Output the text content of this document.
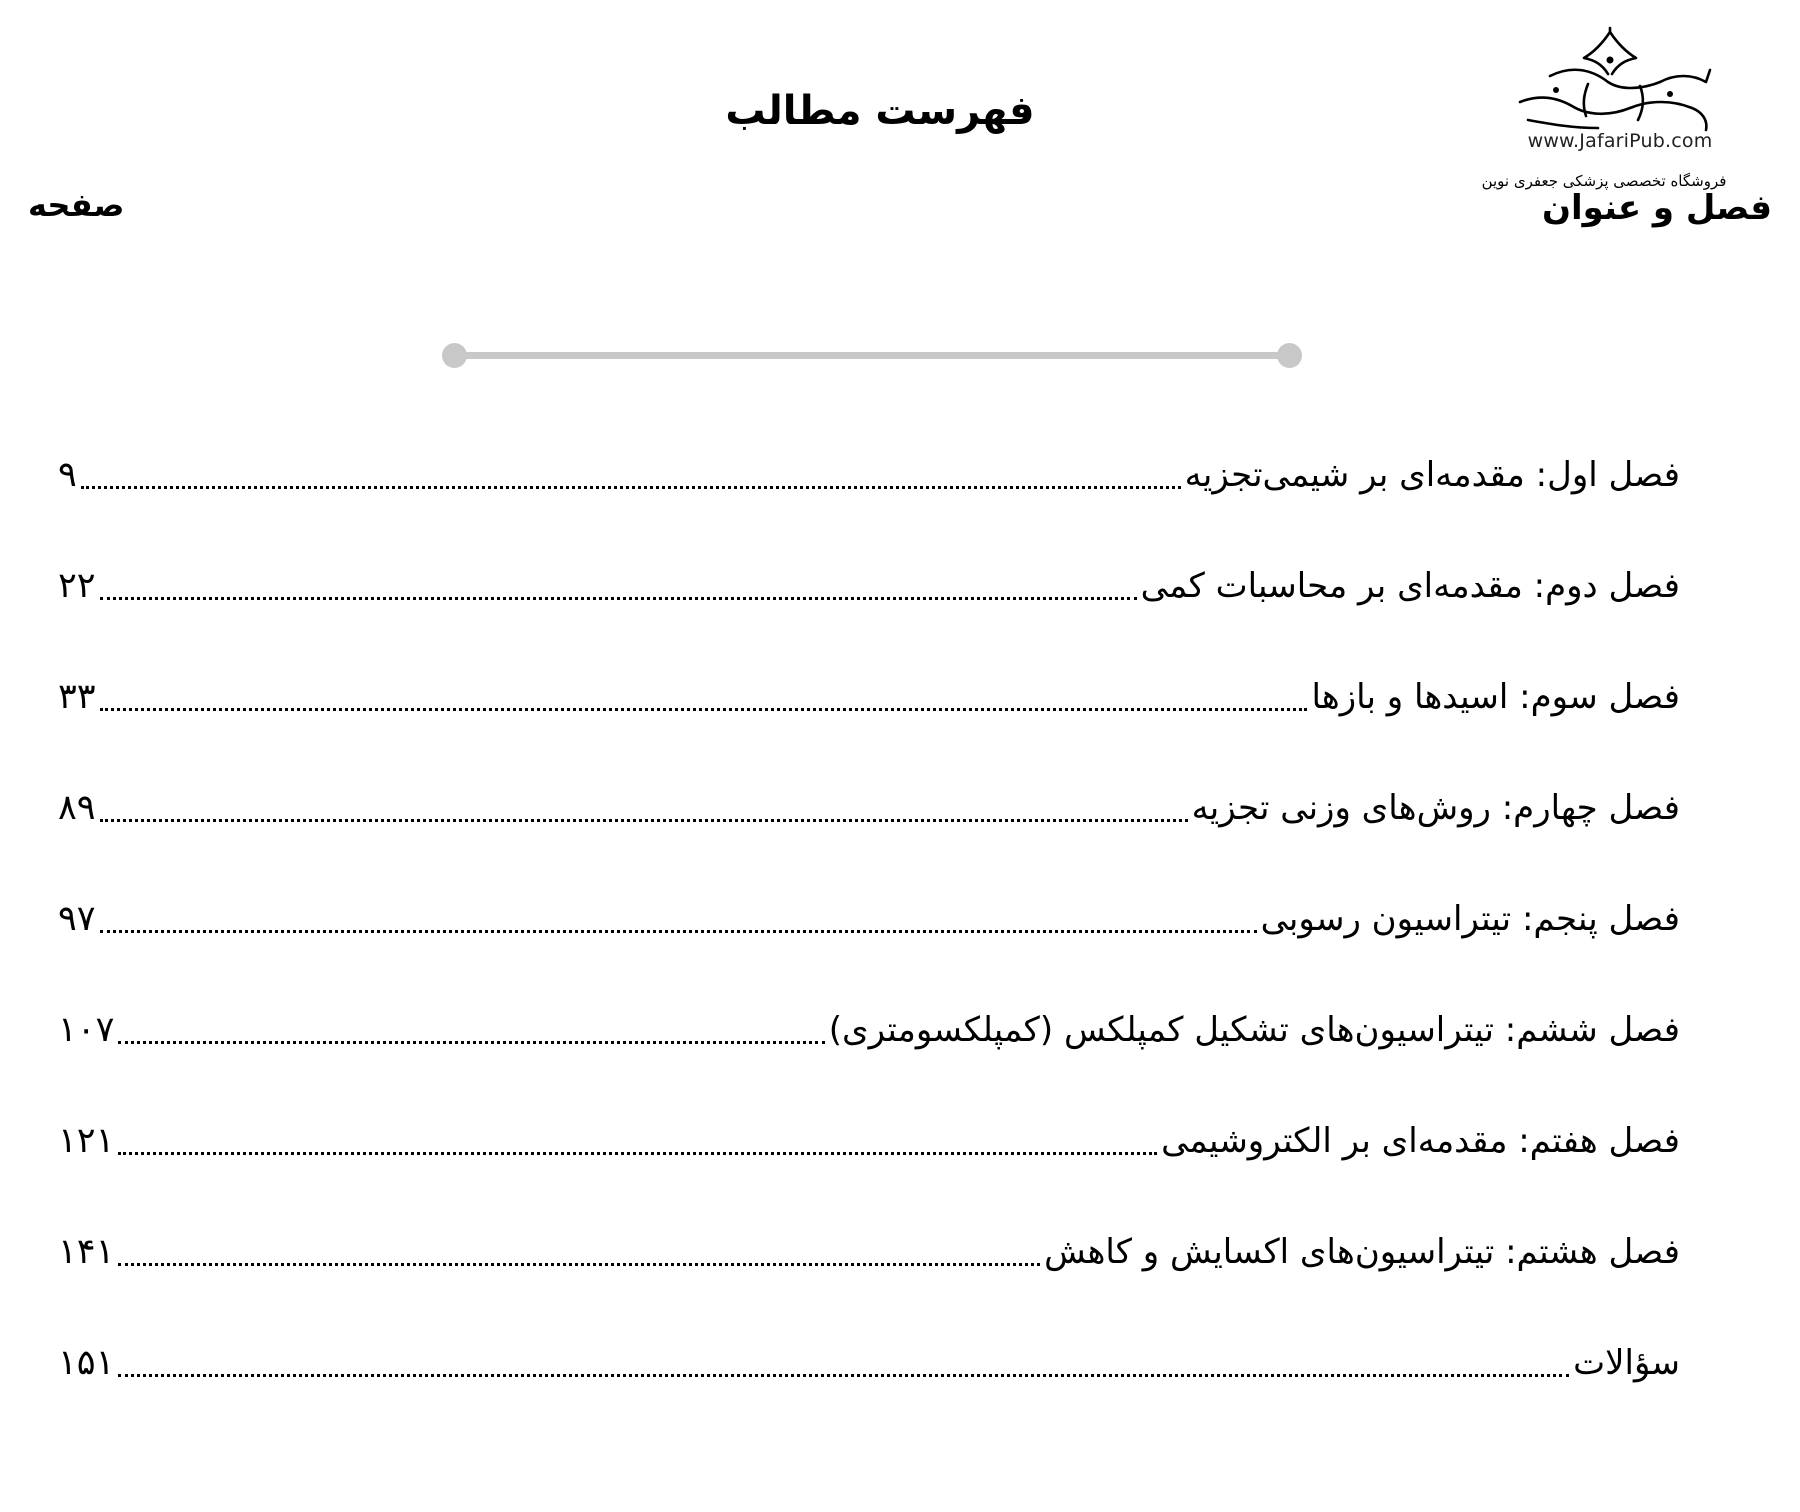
www.JafariPub.com
فروشگاه تخصصی پزشکی جعفری نوین
فهرست مطالب
فصل و عنوان
صفحه
۹	فصل اول: مقدمه‌ای بر شیمی‌تجزیه
۲۲	فصل دوم: مقدمه‌ای بر محاسبات کمی
۳۳	فصل سوم: اسیدها و بازها
۸۹	فصل چهارم: روش‌های وزنی تجزیه
۹۷	فصل پنجم: تیتراسیون رسوبی
۱۰۷	فصل ششم: تیتراسیون‌های تشکیل کمپلکس (کمپلکسومتری)
۱۲۱	فصل هفتم: مقدمه‌ای بر الکتروشیمی
۱۴۱	فصل هشتم: تیتراسیون‌های اکسایش و کاهش
۱۵۱	سؤالات
